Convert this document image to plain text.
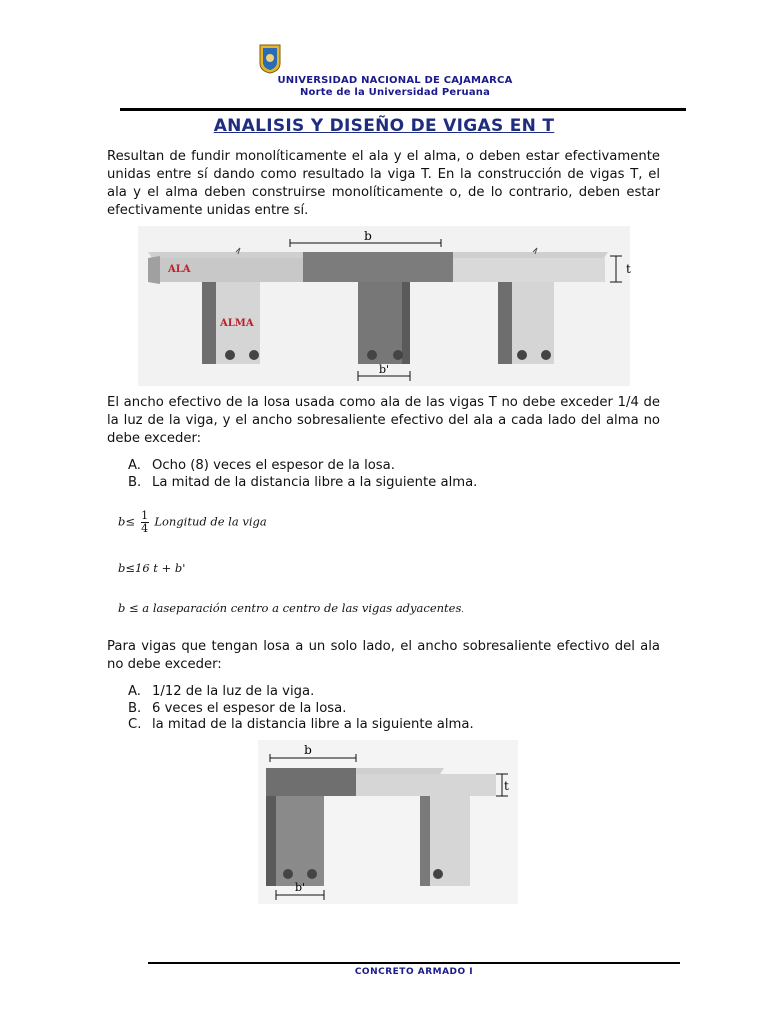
UNIVERSIDAD NACIONAL DE CAJAMARCA
Norte de la Universidad Peruana
ANALISIS Y DISEÑO DE VIGAS EN T

Resultan de fundir monolíticamente el ala y el alma, o deben estar efectivamente unidas entre sí dando como resultado la viga T. En la construcción de vigas T, el ala y el alma deben construirse monolíticamente o, de lo contrario, deben estar efectivamente unidas entre sí.

b
t
b'
ALA
ALMA

El ancho efectivo de la losa usada como ala de las vigas T no debe exceder 1/4 de la luz de la viga, y el ancho sobresaliente efectivo del ala a cada lado del alma no debe exceder:

A. Ocho (8) veces el espesor de la losa.
B. La mitad de la distancia libre a la siguiente alma.
$b\le \frac{1}{4}$ Longitud de la viga
b≤16 t + b'
b ≤ a laseparación centro a centro de las vigas adyacentes.

Para vigas que tengan losa a un solo lado, el ancho sobresaliente efectivo del ala no debe exceder:

A. 1/12 de la luz de la viga.
B. 6 veces el espesor de la losa.
C. la mitad de la distancia libre a la siguiente alma.
b
t
b'
CONCRETO ARMADO I
